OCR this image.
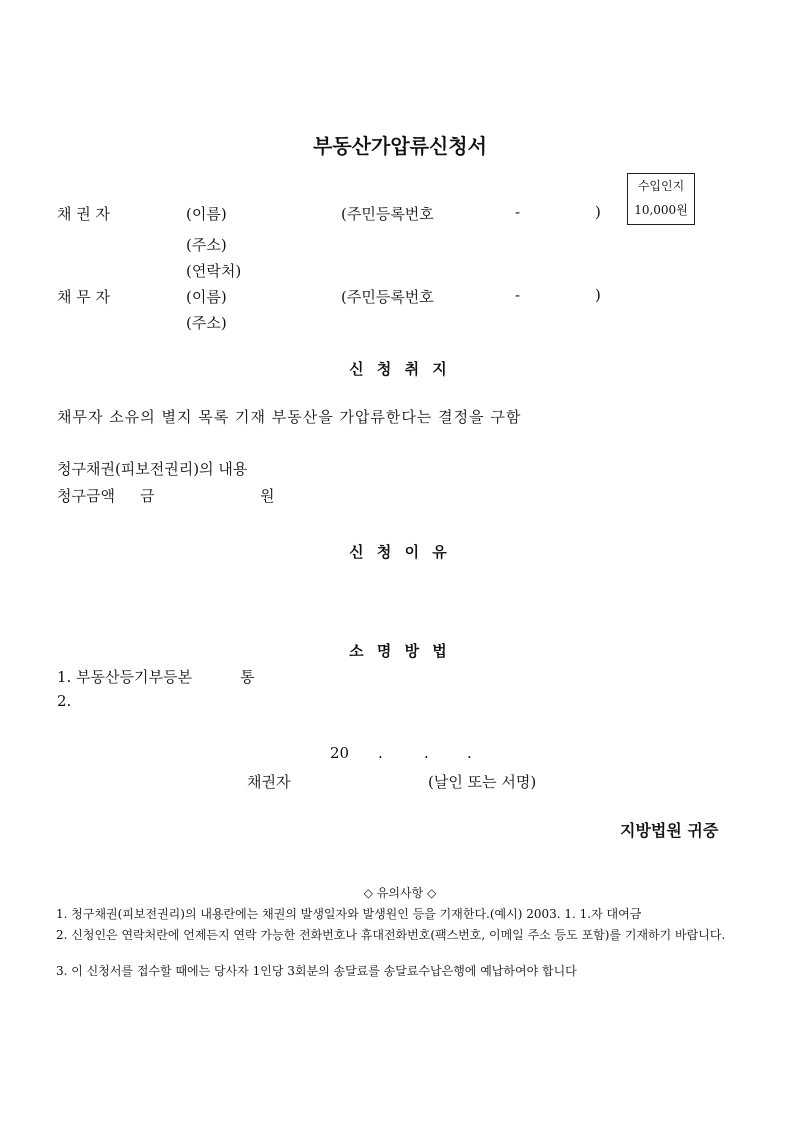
부동산가압류신청서
수입인지
10,000원
채 권 자	(이름)	(주민등록번호	-	)
(주소)
(연락처)
채 무 자	(이름)	(주민등록번호	-	)
(주소)
신 청 취 지
채무자 소유의 별지 목록 기재 부동산을 가압류한다는 결정을 구함
청구채권(피보전권리)의 내용
청구금액 금	원
신 청 이 유
소 명 방 법
1. 부동산등기부등본	통
2.
20 .	.	.
채권자	(날인 또는 서명)
지방법원 귀중
◇ 유의사항 ◇
1. 청구채권(피보전권리)의 내용란에는 채권의 발생일자와 발생원인 등을 기재한다.(예시) 2003. 1. 1.자 대여금
2. 신청인은 연락처란에 언제든지 연락 가능한 전화번호나 휴대전화번호(팩스번호, 이메일 주소 등도 포함)를 기재하기 바랍니다.
3. 이 신청서를 접수할 때에는 당사자 1인당 3회분의 송달료를 송달료수납은행에 예납하여야 합니다
